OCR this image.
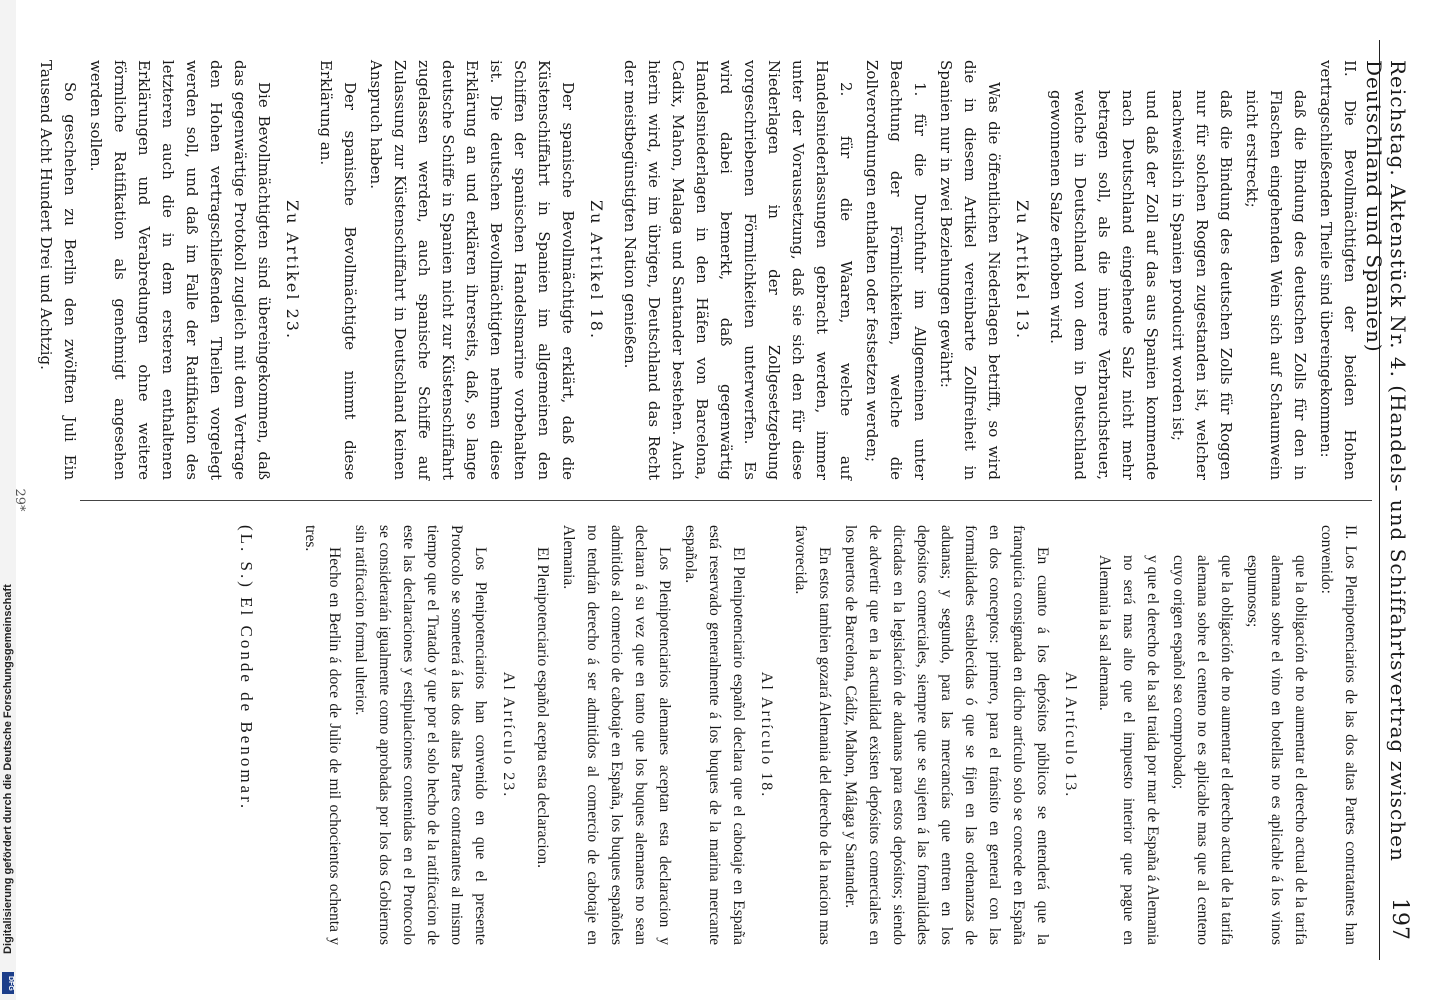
Digitalisierung gefördert durch die Deutsche Forschungsgemeinschaft
DFG
Reichstag. Aktenstück Nr. 4. (Handels- und Schiffahrtsvertrag zwischen Deutschland und Spanien)
197

II. Die Bevollmächtigten der beiden Hohen vertragschließenden Theile sind übereingekommen:

daß die Bindung des deutschen Zolls für den in Flaschen eingehenden Wein sich auf Schaumwein nicht erstreckt;

daß die Bindung des deutschen Zolls für Roggen nur für solchen Roggen zugestanden ist, welcher nachweislich in Spanien producirt worden ist;

und daß der Zoll auf das aus Spanien kommende nach Deutschland eingehende Salz nicht mehr betragen soll, als die innere Verbrauchsteuer, welche in Deutschland von dem in Deutschland gewonnenen Salze erhoben wird.

Zu Artikel 13.

Was die öffentlichen Niederlagen betrifft, so wird die in diesem Artikel vereinbarte Zollfreiheit in Spanien nur in zwei Beziehungen gewährt:

1. für die Durchfuhr im Allgemeinen unter Beachtung der Förmlichkeiten, welche die Zollverordnungen enthalten oder festsetzen werden;

2. für die Waaren, welche auf Handelsniederlassungen gebracht werden, immer unter der Voraussetzung, daß sie sich den für diese Niederlagen in der Zollgesetzgebung vorgeschriebenen Förmlichkeiten unterwerfen. Es wird dabei bemerkt, daß gegenwärtig Handelsniederlagen in den Häfen von Barcelona, Cadix, Mahon, Malaga und Santander bestehen. Auch hierin wird, wie im übrigen, Deutschland das Recht der meistbegünstigten Nation genießen.

Zu Artikel 18.

Der spanische Bevollmächtigte erklärt, daß die Küstenschiffahrt in Spanien im allgemeinen den Schiffen der spanischen Handelsmarine vorbehalten ist. Die deutschen Bevollmächtigten nehmen diese Erklärung an und erklären ihrerseits, daß, so lange deutsche Schiffe in Spanien nicht zur Küstenschiffahrt zugelassen werden, auch spanische Schiffe auf Zulassung zur Küstenschiffahrt in Deutschland keinen Anspruch haben.

Der spanische Bevollmächtigte nimmt diese Erklärung an.

Zu Artikel 23.

Die Bevollmächtigten sind übereingekommen, daß das gegenwärtige Protokoll zugleich mit dem Vertrage den Hohen vertragschließenden Theilen vorgelegt werden soll, und daß im Falle der Ratifikation des letzteren auch die in dem ersteren enthaltenen Erklärungen und Verabredungen ohne weitere förmliche Ratifikation als genehmigt angesehen werden sollen.

So geschehen zu Berlin den zwölften Juli Ein Tausend Acht Hundert Drei und Achtzig.

II. Los Plenipotenciarios de las dos altas Partes contratantes han convenido:

que la obligación de no aumentar el derecho actual de la tarifa alemana sobre el vino en botellas no es aplicable á los vinos espumosos;

que la obligación de no aumentar el derecho actual de la tarifa alemana sobre el centeno no es aplicable mas que al centeno cuyo origen español sea comprobado;

y que el derecho de la sal traida por mar de España á Alemania no será mas alto que el impuesto interior que pague en Alemania la sal alemana.

Al Artículo 13.

En cuanto á los depósitos públicos se entenderá que la franquicia consignada en dicho artículo solo se concede en España en dos conceptos: primero, para el tránsito en general con las formalidades establecidas ó que se fijen en las ordenanzas de aduanas; y segundo, para las mercancías que entren en los depósitos comerciales, siempre que se sujeten á las formalidades dictadas en la legislación de aduanas para estos depósitos; siendo de advertir que en la actualidad existen depósitos comerciales en los puertos de Barcelona, Cádiz, Mahon, Málaga y Santander.

En estos tambien gozará Alemania del derecho de la nacion mas favorecida.

Al Artículo 18.

El Plenipotenciario español declara que el cabotaje en España está reservado generalmente á los buques de la marina mercante española.

Los Plenipotenciarios alemanes aceptan esta declaracion y declaran á su vez que en tanto que los buques alemanes no sean admitidos al comercio de cabotaje en España, los buques españoles no tendrán derecho á ser admitidos al comercio de cabotaje en Alemania.

El Plenipotenciario español acepta esta declaracion.

Al Artículo 23.

Los Plenipotenciarios han convenido en que el presente Protocolo se someterá á las dos altas Partes contratantes al mismo tiempo que el Tratado y que por el solo hecho de la ratificacion de este las declaraciones y estipulaciones contenidas en el Protocolo se considerarán igualmente como aprobadas por los dos Gobiernos sin ratificacion formal ulterior.

Hecho en Berlin á doce de Julio de mil ochocientos ochenta y tres.

(L. S.) El Conde de Benomar.
29*
